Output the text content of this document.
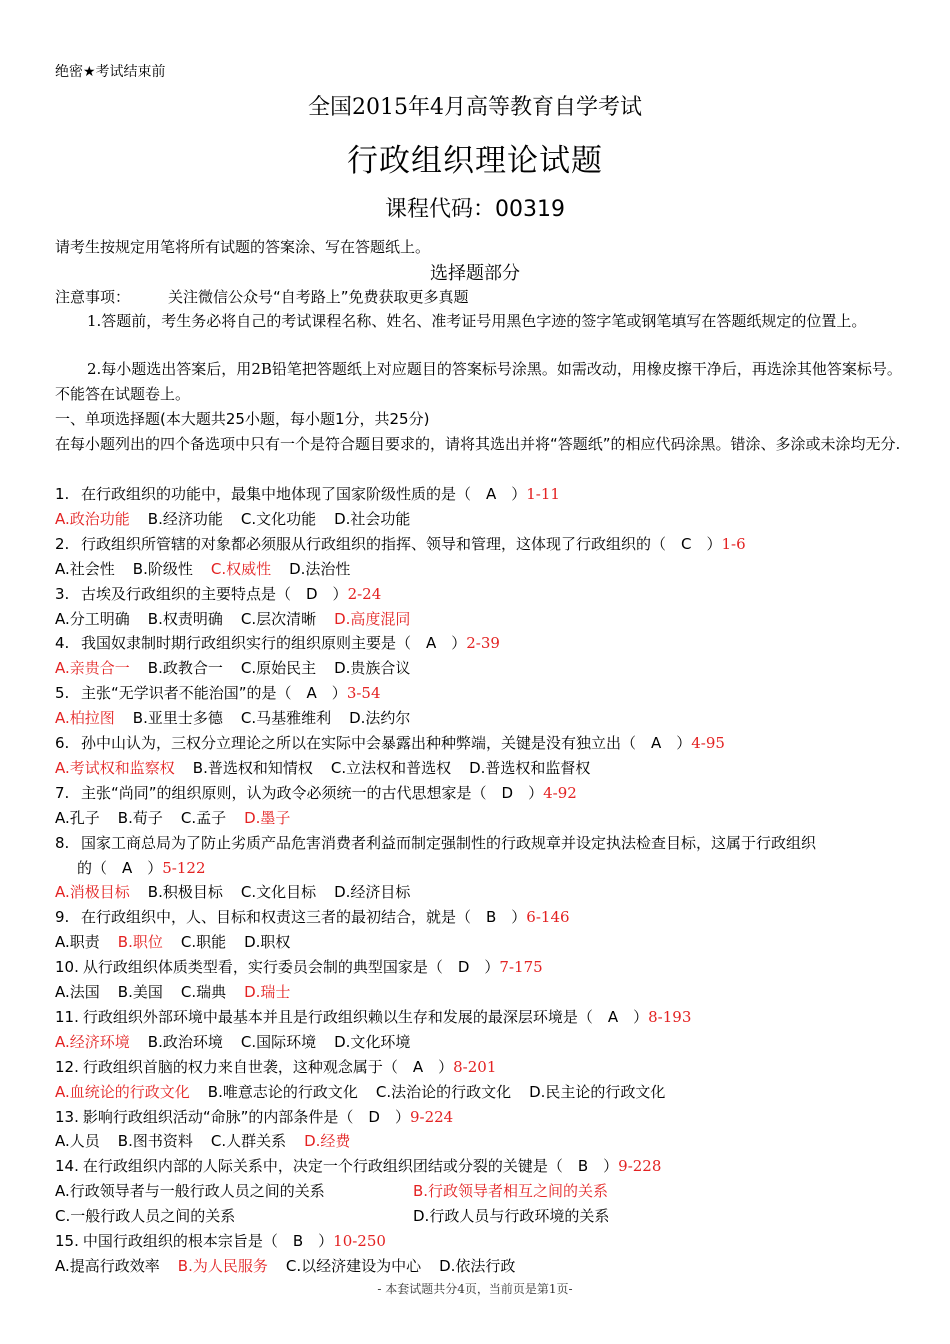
绝密★考试结束前
全国2015年4月高等教育自学考试
行政组织理论试题
课程代码：00319
请考生按规定用笔将所有试题的答案涂、写在答题纸上。
选择题部分
注意事项：	关注微信公众号“自考路上”免费获取更多真题
1.答题前，考生务必将自己的考试课程名称、姓名、准考证号用黑色字迹的签字笔或钢笔填写在答题纸规定的位置上。
2.每小题选出答案后，用2B铅笔把答题纸上对应题目的答案标号涂黑。如需改动，用橡皮擦干净后，再选涂其他答案标号。不能答在试题卷上。
一、单项选择题(本大题共25小题，每小题1分，共25分)
在每小题列出的四个备选项中只有一个是符合题目要求的，请将其选出并将“答题纸”的相应代码涂黑。错涂、多涂或未涂均无分.
1. 在行政组织的功能中，最集中地体现了国家阶级性质的是（　A　）1-11
A.政治功能 B.经济功能 C.文化功能 D.社会功能
2. 行政组织所管辖的对象都必须服从行政组织的指挥、领导和管理，这体现了行政组织的（　C　）1-6
A.社会性 B.阶级性 C.权威性 D.法治性
3. 古埃及行政组织的主要特点是（　D　）2-24
A.分工明确 B.权责明确 C.层次清晰 D.高度混同
4. 我国奴隶制时期行政组织实行的组织原则主要是（　A　）2-39
A.亲贵合一 B.政教合一 C.原始民主 D.贵族合议
5. 主张“无学识者不能治国”的是（　A　）3-54
A.柏拉图 B.亚里士多德 C.马基雅维利 D.法约尔
6. 孙中山认为，三权分立理论之所以在实际中会暴露出种种弊端，关键是没有独立出（　A　）4-95
A.考试权和监察权 B.普选权和知情权 C.立法权和普选权 D.普选权和监督权
7. 主张“尚同”的组织原则，认为政令必须统一的古代思想家是（　D　）4-92
A.孔子 B.荀子 C.孟子 D.墨子
8. 国家工商总局为了防止劣质产品危害消费者利益而制定强制性的行政规章并设定执法检查目标，这属于行政组织
的（　A　）5-122
A.消极目标 B.积极目标 C.文化目标 D.经济目标
9. 在行政组织中，人、目标和权责这三者的最初结合，就是（　B　）6-146
A.职责 B.职位 C.职能 D.职权
10. 从行政组织体质类型看，实行委员会制的典型国家是（　D　）7-175
A.法国 B.美国 C.瑞典 D.瑞士
11. 行政组织外部环境中最基本并且是行政组织赖以生存和发展的最深层环境是（　A　）8-193
A.经济环境 B.政治环境 C.国际环境 D.文化环境
12. 行政组织首脑的权力来自世袭，这种观念属于（　A　）8-201
A.血统论的行政文化 B.唯意志论的行政文化 C.法治论的行政文化 D.民主论的行政文化
13. 影响行政组织活动“命脉”的内部条件是（　D　）9-224
A.人员 B.图书资料 C.人群关系 D.经费
14. 在行政组织内部的人际关系中，决定一个行政组织团结或分裂的关键是（　B　）9-228
A.行政领导者与一般行政人员之间的关系	B.行政领导者相互之间的关系
C.一般行政人员之间的关系	D.行政人员与行政环境的关系
15. 中国行政组织的根本宗旨是（　B　）10-250
A.提高行政效率 B.为人民服务 C.以经济建设为中心 D.依法行政
- 本套试题共分4页，当前页是第1页-
